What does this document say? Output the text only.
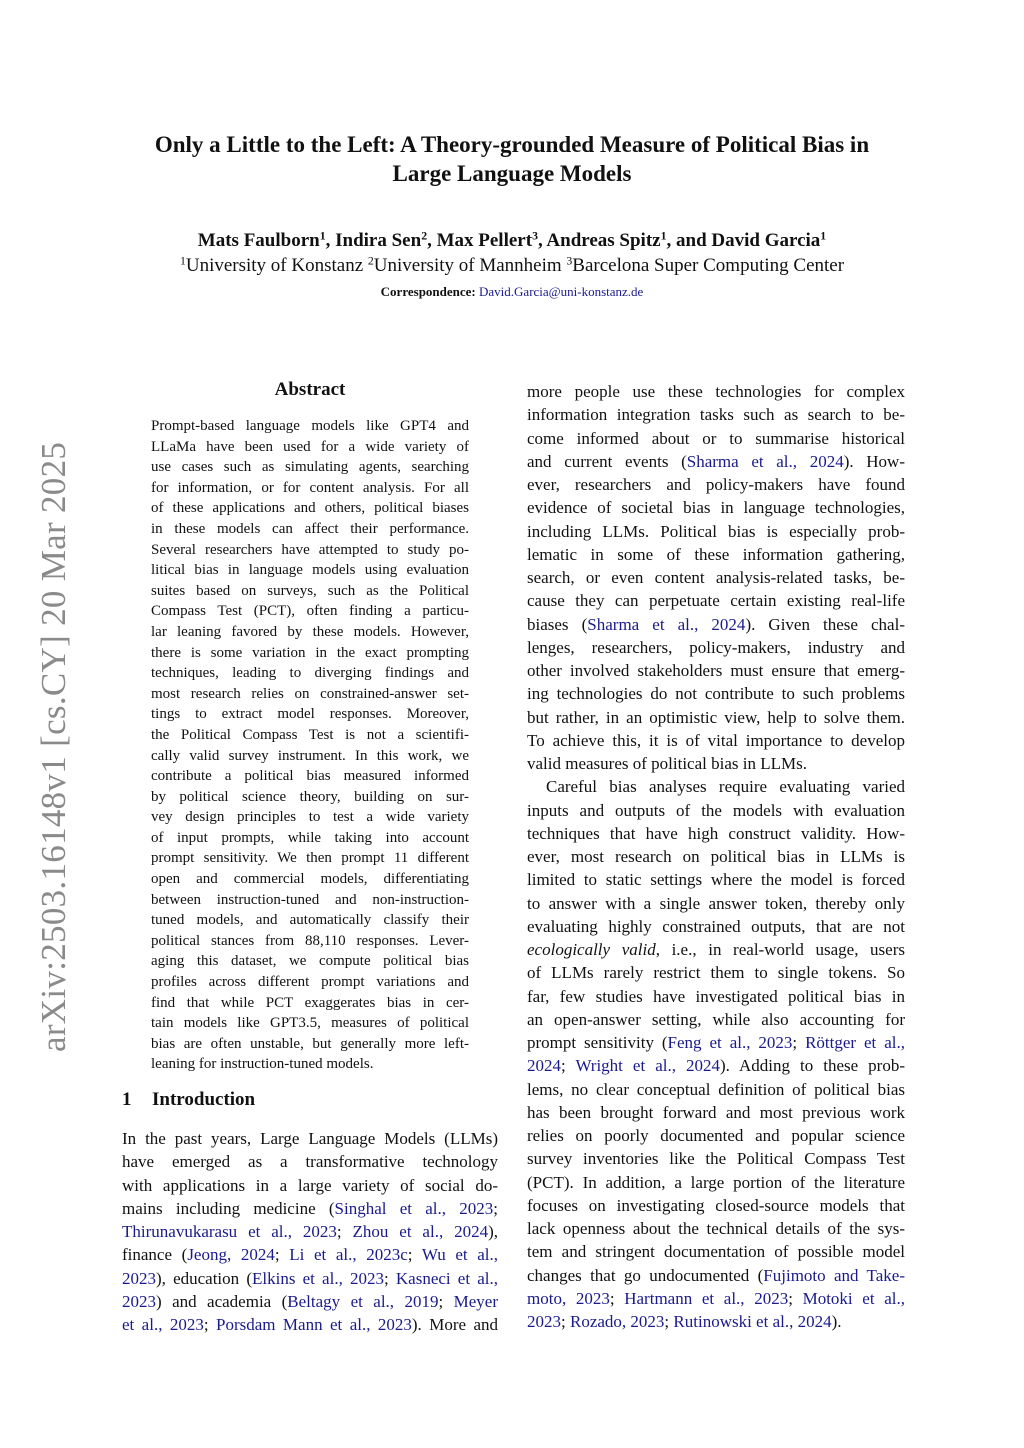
arXiv:2503.16148v1 [cs.CY] 20 Mar 2025
Only a Little to the Left: A Theory-grounded Measure of Political Bias in
Large Language Models
Mats Faulborn$^1$, Indira Sen$^2$, Max Pellert$^3$, Andreas Spitz$^1$, and David Garcia$^1$
$^1$University of Konstanz $^2$University of Mannheim $^3$Barcelona Super Computing Center
Correspondence: David.Garcia@uni-konstanz.de
Abstract
Prompt-based language models like GPT4 and
LLaMa have been used for a wide variety of
use cases such as simulating agents, searching
for information, or for content analysis. For all
of these applications and others, political biases
in these models can affect their performance.
Several researchers have attempted to study po-
litical bias in language models using evaluation
suites based on surveys, such as the Political
Compass Test (PCT), often finding a particu-
lar leaning favored by these models. However,
there is some variation in the exact prompting
techniques, leading to diverging findings and
most research relies on constrained-answer set-
tings to extract model responses. Moreover,
the Political Compass Test is not a scientifi-
cally valid survey instrument. In this work, we
contribute a political bias measured informed
by political science theory, building on sur-
vey design principles to test a wide variety
of input prompts, while taking into account
prompt sensitivity. We then prompt 11 different
open and commercial models, differentiating
between instruction-tuned and non-instruction-
tuned models, and automatically classify their
political stances from 88,110 responses. Lever-
aging this dataset, we compute political bias
profiles across different prompt variations and
find that while PCT exaggerates bias in cer-
tain models like GPT3.5, measures of political
bias are often unstable, but generally more left-
leaning for instruction-tuned models.
1 Introduction
In the past years, Large Language Models (LLMs)
have emerged as a transformative technology
with applications in a large variety of social do-
mains including medicine (Singhal et al., 2023;
Thirunavukarasu et al., 2023; Zhou et al., 2024),
finance (Jeong, 2024; Li et al., 2023c; Wu et al.,
2023), education (Elkins et al., 2023; Kasneci et al.,
2023) and academia (Beltagy et al., 2019; Meyer
et al., 2023; Porsdam Mann et al., 2023). More and
more people use these technologies for complex
information integration tasks such as search to be-
come informed about or to summarise historical
and current events (Sharma et al., 2024). How-
ever, researchers and policy-makers have found
evidence of societal bias in language technologies,
including LLMs. Political bias is especially prob-
lematic in some of these information gathering,
search, or even content analysis-related tasks, be-
cause they can perpetuate certain existing real-life
biases (Sharma et al., 2024). Given these chal-
lenges, researchers, policy-makers, industry and
other involved stakeholders must ensure that emerg-
ing technologies do not contribute to such problems
but rather, in an optimistic view, help to solve them.
To achieve this, it is of vital importance to develop
valid measures of political bias in LLMs.
Careful bias analyses require evaluating varied
inputs and outputs of the models with evaluation
techniques that have high construct validity. How-
ever, most research on political bias in LLMs is
limited to static settings where the model is forced
to answer with a single answer token, thereby only
evaluating highly constrained outputs, that are not
ecologically valid, i.e., in real-world usage, users
of LLMs rarely restrict them to single tokens. So
far, few studies have investigated political bias in
an open-answer setting, while also accounting for
prompt sensitivity (Feng et al., 2023; Röttger et al.,
2024; Wright et al., 2024). Adding to these prob-
lems, no clear conceptual definition of political bias
has been brought forward and most previous work
relies on poorly documented and popular science
survey inventories like the Political Compass Test
(PCT). In addition, a large portion of the literature
focuses on investigating closed-source models that
lack openness about the technical details of the sys-
tem and stringent documentation of possible model
changes that go undocumented (Fujimoto and Take-
moto, 2023; Hartmann et al., 2023; Motoki et al.,
2023; Rozado, 2023; Rutinowski et al., 2024).
